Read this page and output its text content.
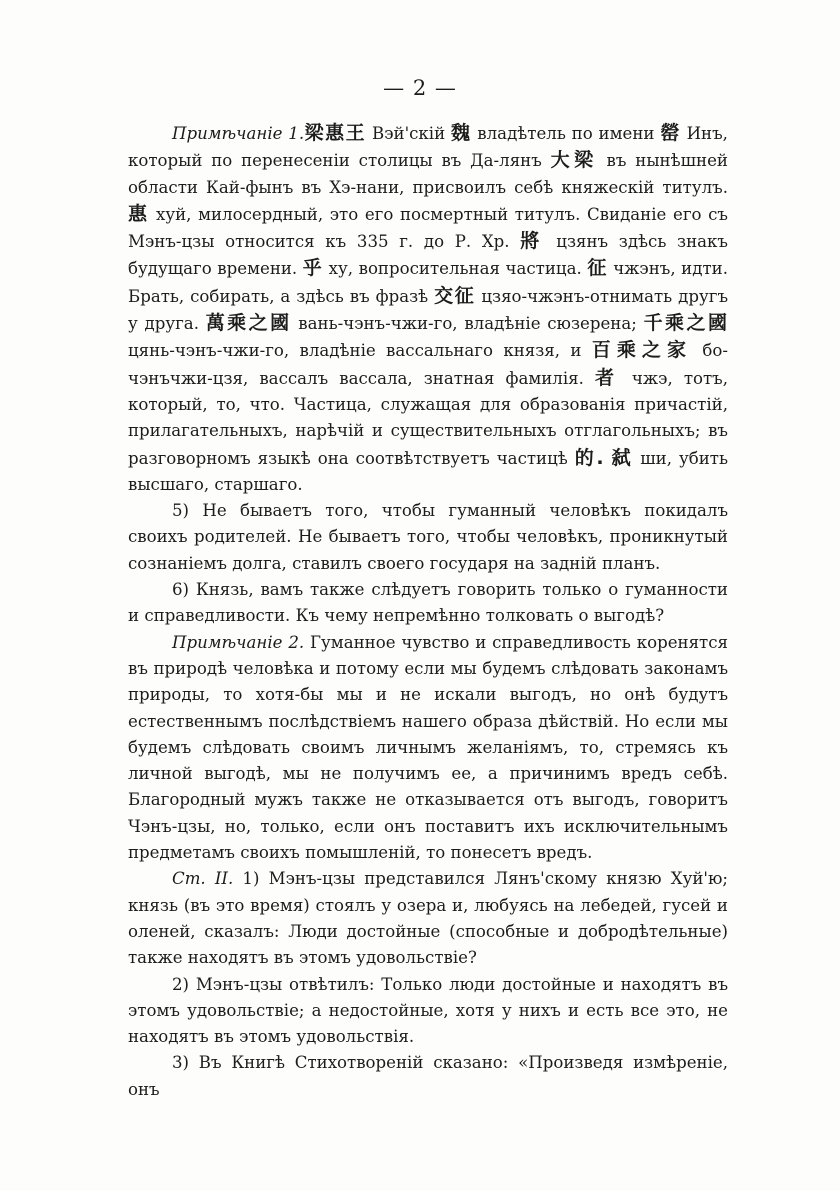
— 2 —

Примѣчаніе 1.梁惠王 Вэй'скій 魏 владѣтель по имени 罃 Инъ, который по перенесеніи столицы въ Да-лянъ 大梁 въ нынѣшней области Кай-фынъ въ Хэ-нани, присвоилъ себѣ княжескій титулъ. 惠 хуй, милосердный, это его посмертный титулъ. Свиданіе его съ Мэнъ-цзы относится къ 335 г. до Р. Хр. 將 цзянъ здѣсь знакъ будущаго времени. 乎 ху, вопросительная частица. 征 чжэнъ, идти. Брать, собирать, а здѣсь въ фразѣ 交征 цзяо-чжэнъ-отнимать другъ у друга. 萬乘之國 вань-чэнъ-чжи-го, владѣніе сюзерена; 千乘之國 цянь-чэнъ-чжи-го, владѣніе вассальнаго князя, и 百乘之家 бо-чэнъчжи-цзя, вассалъ вассала, знатная фамилія. 者 чжэ, тотъ, который, то, что. Частица, служащая для образованія причастій, прилагательныхъ, нарѣчій и существительныхъ отглагольныхъ; въ разговорномъ языкѣ она соотвѣтствуетъ частицѣ 的. 弑 ши, убить высшаго, старшаго.

5) Не бываетъ того, чтобы гуманный человѣкъ покидалъ своихъ родителей. Не бываетъ того, чтобы человѣкъ, проникнутый сознаніемъ долга, ставилъ своего государя на задній планъ.

6) Князь, вамъ также слѣдуетъ говорить только о гуманности и справедливости. Къ чему непремѣнно толковать о выгодѣ?

Примѣчаніе 2. Гуманное чувство и справедливость коренятся въ природѣ человѣка и потому если мы будемъ слѣдовать законамъ природы, то хотя-бы мы и не искали выгодъ, но онѣ будутъ естественнымъ послѣдствіемъ нашего образа дѣйствій. Но если мы будемъ слѣдовать своимъ личнымъ желаніямъ, то, стремясь къ личной выгодѣ, мы не получимъ ее, а причинимъ вредъ себѣ. Благородный мужъ также не отказывается отъ выгодъ, говоритъ Чэнъ-цзы, но, только, если онъ поставитъ ихъ исключительнымъ предметамъ своихъ помышленій, то понесетъ вредъ.

Ст. II. 1) Мэнъ-цзы представился Лянъ'скому князю Хуй'ю; князь (въ это время) стоялъ у озера и, любуясь на лебедей, гусей и оленей, сказалъ: Люди достойные (способные и добродѣтельные) также находятъ въ этомъ удовольствіе?

2) Мэнъ-цзы отвѣтилъ: Только люди достойные и находятъ въ этомъ удовольствіе; а недостойные, хотя у нихъ и есть все это, не находятъ въ этомъ удовольствія.

3) Въ Книгѣ Стихотвореній сказано: «Произведя измѣреніе, онъ
